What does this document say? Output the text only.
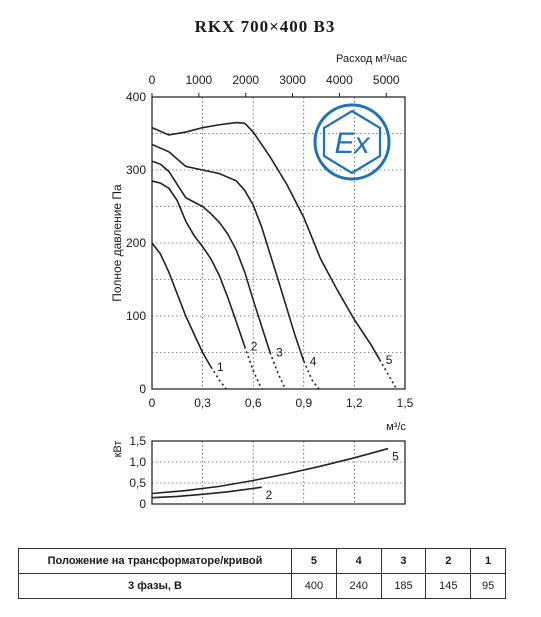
RKX 700×400 B3
Расход м³/час
0	1000 2000 3000 4000 5000
0
100
200
300
400
0	0,3	0,6	0,9	1,2	1,5
1
2 3
4	5
Полное давление Па
м³/с
Ex
0
0,5
1,0
1,5
5
2
кВт
Положение на трансформаторе/кривой	5	4	3	2	1
3 фазы, В	400	240	185	145	95
